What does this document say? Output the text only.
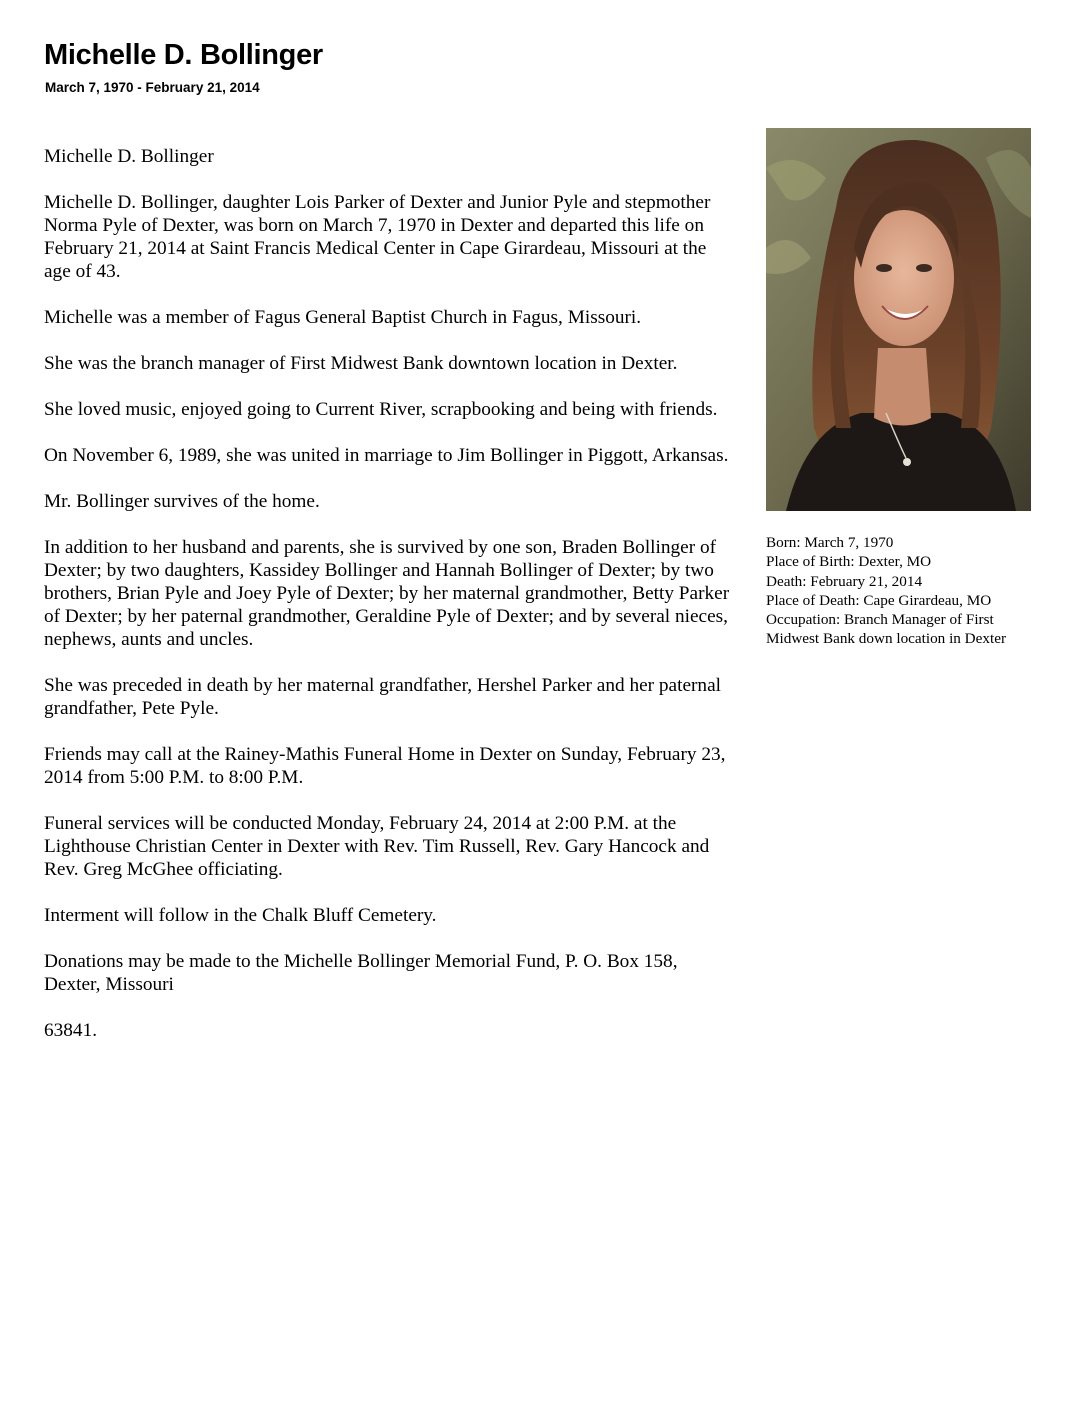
Michelle D. Bollinger
March 7, 1970 - February 21, 2014

Michelle D. Bollinger

Michelle D. Bollinger, daughter Lois Parker of Dexter and Junior Pyle and stepmother Norma Pyle of Dexter, was born on March 7, 1970 in Dexter and departed this life on February 21, 2014 at Saint Francis Medical Center in Cape Girardeau, Missouri at the age of 43.

Michelle was a member of Fagus General Baptist Church in Fagus, Missouri.

She was the branch manager of First Midwest Bank downtown location in Dexter.

She loved music, enjoyed going to Current River, scrapbooking and being with friends.

On November 6, 1989, she was united in marriage to Jim Bollinger in Piggott, Arkansas.

Mr. Bollinger survives of the home.

In addition to her husband and parents, she is survived by one son, Braden Bollinger of Dexter; by two daughters, Kassidey Bollinger and Hannah Bollinger of Dexter; by two brothers, Brian Pyle and Joey Pyle of Dexter; by her maternal grandmother, Betty Parker of Dexter; by her paternal grandmother, Geraldine Pyle of Dexter; and by several nieces, nephews, aunts and uncles.

She was preceded in death by her maternal grandfather, Hershel Parker and her paternal grandfather, Pete Pyle.

Friends may call at the Rainey-Mathis Funeral Home in Dexter on Sunday, February 23, 2014 from 5:00 P.M. to 8:00 P.M.

Funeral services will be conducted Monday, February 24, 2014 at 2:00 P.M. at the Lighthouse Christian Center in Dexter with Rev. Tim Russell, Rev. Gary Hancock and Rev. Greg McGhee officiating.

Interment will follow in the Chalk Bluff Cemetery.

Donations may be made to the Michelle Bollinger Memorial Fund, P. O. Box 158, Dexter, Missouri

63841.

Born: March 7, 1970
Place of Birth: Dexter, MO
Death: February 21, 2014
Place of Death: Cape Girardeau, MO
Occupation: Branch Manager of First
Midwest Bank down location in Dexter
